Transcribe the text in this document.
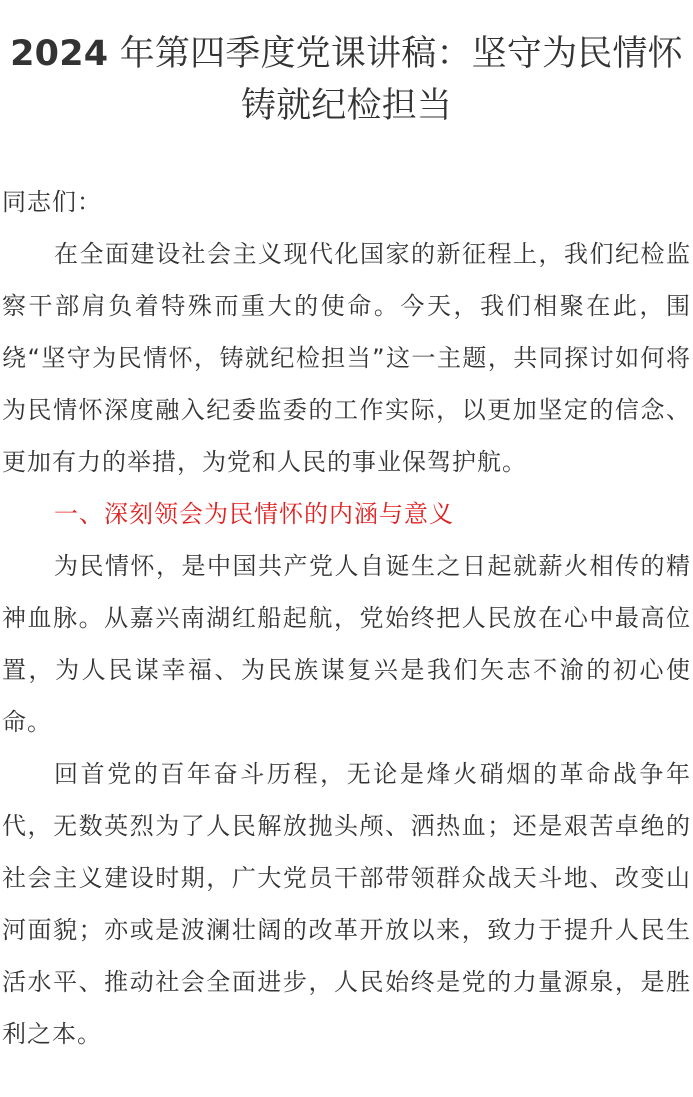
2024 年第四季度党课讲稿：坚守为民情怀
铸就纪检担当

同志们：

在全面建设社会主义现代化国家的新征程上，我们纪检监察干部肩负着特殊而重大的使命。今天，我们相聚在此，围绕“坚守为民情怀，铸就纪检担当”这一主题，共同探讨如何将为民情怀深度融入纪委监委的工作实际，以更加坚定的信念、更加有力的举措，为党和人民的事业保驾护航。

一、深刻领会为民情怀的内涵与意义

为民情怀，是中国共产党人自诞生之日起就薪火相传的精神血脉。从嘉兴南湖红船起航，党始终把人民放在心中最高位置，为人民谋幸福、为民族谋复兴是我们矢志不渝的初心使命。

回首党的百年奋斗历程，无论是烽火硝烟的革命战争年代，无数英烈为了人民解放抛头颅、洒热血；还是艰苦卓绝的社会主义建设时期，广大党员干部带领群众战天斗地、改变山河面貌；亦或是波澜壮阔的改革开放以来，致力于提升人民生活水平、推动社会全面进步，人民始终是党的力量源泉，是胜利之本。
